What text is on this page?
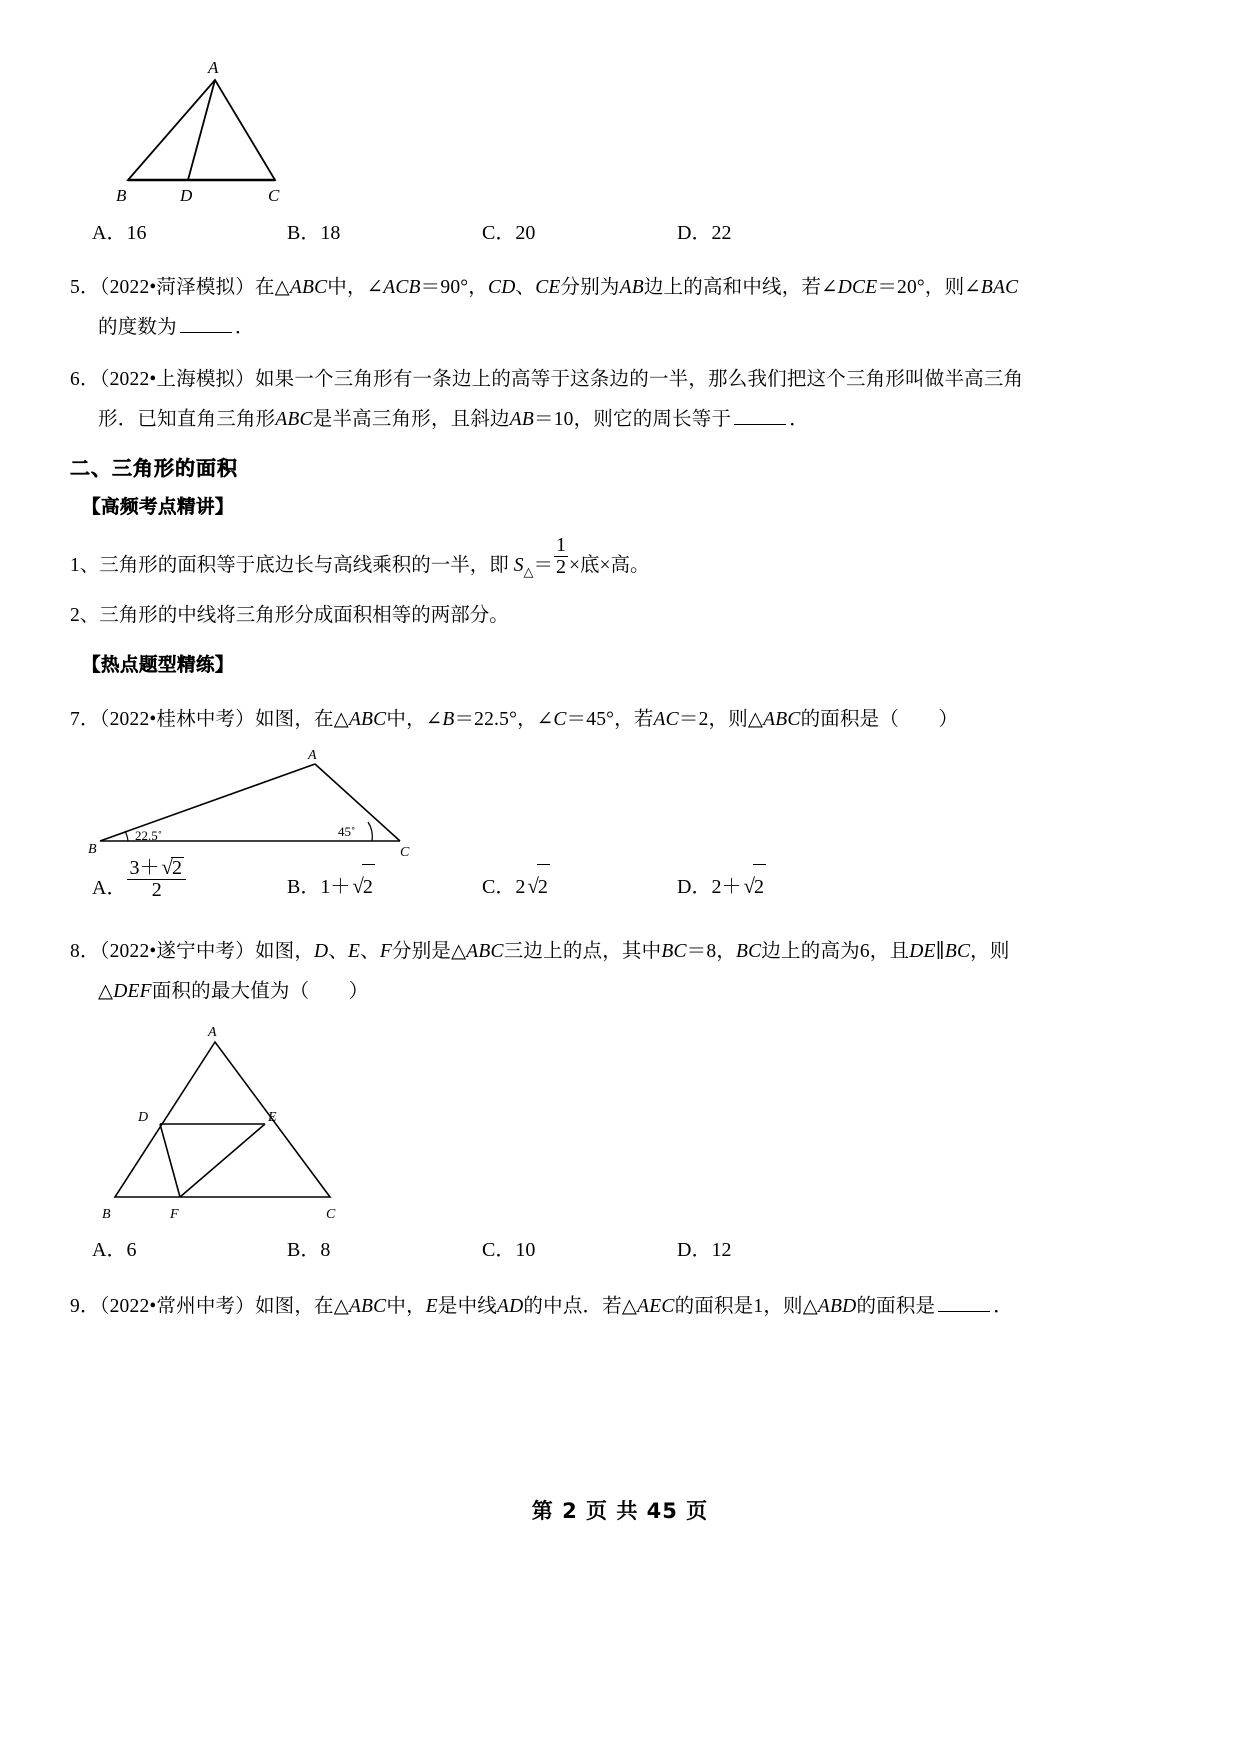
A
B	D	C
A．16	B．18	C．20	D．22
5．（2022•菏泽模拟）在△ABC中，∠ACB＝90°，CD、CE分别为AB边上的高和中线，若∠DCE＝20°，则∠BAC
的度数为	．
6．（2022•上海模拟）如果一个三角形有一条边上的高等于这条边的一半，那么我们把这个三角形叫做半高三角
形．已知直角三角形ABC是半高三角形，且斜边AB＝10，则它的周长等于	．
二、三角形的面积
【高频考点精讲】
1、三角形的面积等于底边长与高线乘积的一半，即 $S_\triangle= \frac{1}{2}$ ×底×高。
2、三角形的中线将三角形分成面积相等的两部分。
【热点题型精练】
7．（2022•桂林中考）如图，在△ABC中，∠B＝22.5°，∠C＝45°，若AC＝2，则△ABC的面积是（　　）
B	C
A
22.5˚	45˚
A． $\frac{3+√2}{2}$	B．1＋√2	C．2√2	D．2＋√2
8．（2022•遂宁中考）如图，D、E、F分别是△ABC三边上的点，其中BC＝8，BC边上的高为6，且DE∥BC，则
△DEF面积的最大值为（　　）
A
D	E
B	F	C
A．6	B．8	C．10	D．12
9．（2022•常州中考）如图，在△ABC中，E是中线AD的中点．若△AEC的面积是1，则△ABD的面积是	．
第 2 页 共 45 页
